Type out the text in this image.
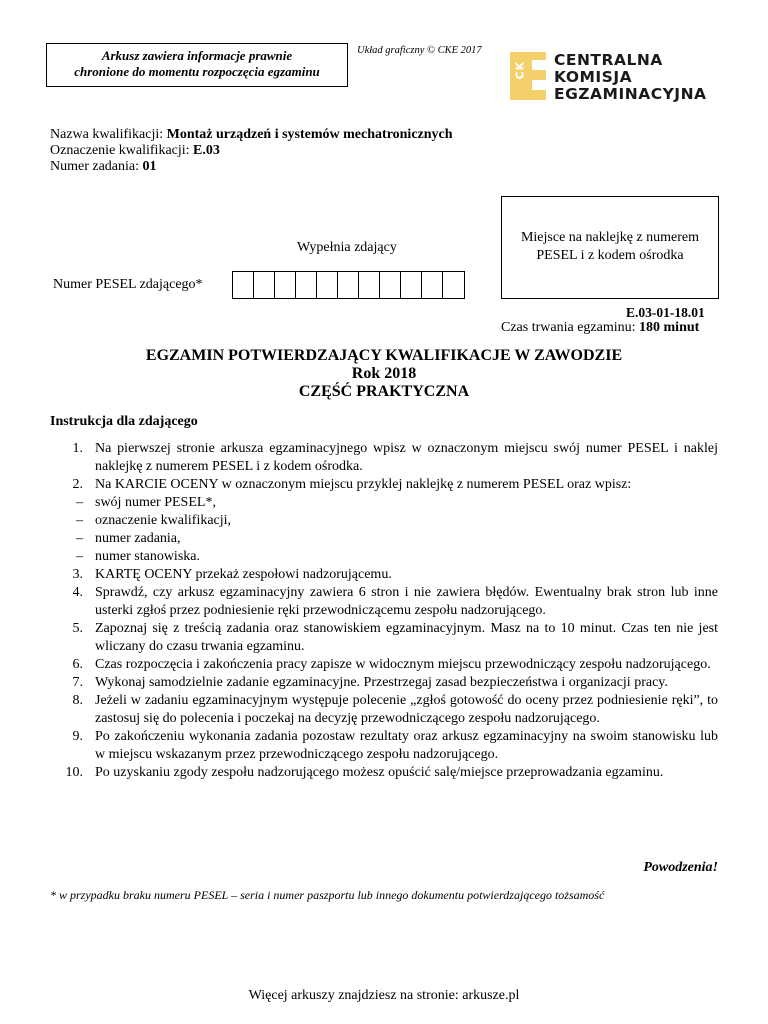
Arkusz zawiera informacje prawnie
chronione do momentu rozpoczęcia egzaminu
Układ graficzny © CKE 2017
CK
CENTRALNA
KOMISJA
EGZAMINACYJNA
Nazwa kwalifikacji: Montaż urządzeń i systemów mechatronicznych
Oznaczenie kwalifikacji: E.03
Numer zadania: 01
Wypełnia zdający
Numer PESEL zdającego*
Miejsce na naklejkę z numerem
PESEL i z kodem ośrodka
E.03-01-18.01
Czas trwania egzaminu: 180 minut
EGZAMIN POTWIERDZAJĄCY KWALIFIKACJE W ZAWODZIE
Rok 2018
CZĘŚĆ PRAKTYCZNA
Instrukcja dla zdającego
1. Na pierwszej stronie arkusza egzaminacyjnego wpisz w oznaczonym miejscu swój numer PESEL i naklej naklejkę z numerem PESEL i z kodem ośrodka.
2. Na KARCIE OCENY w oznaczonym miejscu przyklej naklejkę z numerem PESEL oraz wpisz:
– swój numer PESEL*,
– oznaczenie kwalifikacji,
– numer zadania,
– numer stanowiska.
3. KARTĘ OCENY przekaż zespołowi nadzorującemu.
4. Sprawdź, czy arkusz egzaminacyjny zawiera 6 stron i nie zawiera błędów. Ewentualny brak stron lub inne usterki zgłoś przez podniesienie ręki przewodniczącemu zespołu nadzorującego.
5. Zapoznaj się z treścią zadania oraz stanowiskiem egzaminacyjnym. Masz na to 10 minut. Czas ten nie jest wliczany do czasu trwania egzaminu.
6. Czas rozpoczęcia i zakończenia pracy zapisze w widocznym miejscu przewodniczący zespołu nadzorującego.
7. Wykonaj samodzielnie zadanie egzaminacyjne. Przestrzegaj zasad bezpieczeństwa i organizacji pracy.
8. Jeżeli w zadaniu egzaminacyjnym występuje polecenie „zgłoś gotowość do oceny przez podniesienie ręki”, to zastosuj się do polecenia i poczekaj na decyzję przewodniczącego zespołu nadzorującego.
9. Po zakończeniu wykonania zadania pozostaw rezultaty oraz arkusz egzaminacyjny na swoim stanowisku lub w miejscu wskazanym przez przewodniczącego zespołu nadzorującego.
10. Po uzyskaniu zgody zespołu nadzorującego możesz opuścić salę/miejsce przeprowadzania egzaminu.
Powodzenia!
* w przypadku braku numeru PESEL – seria i numer paszportu lub innego dokumentu potwierdzającego tożsamość
Więcej arkuszy znajdziesz na stronie: arkusze.pl
